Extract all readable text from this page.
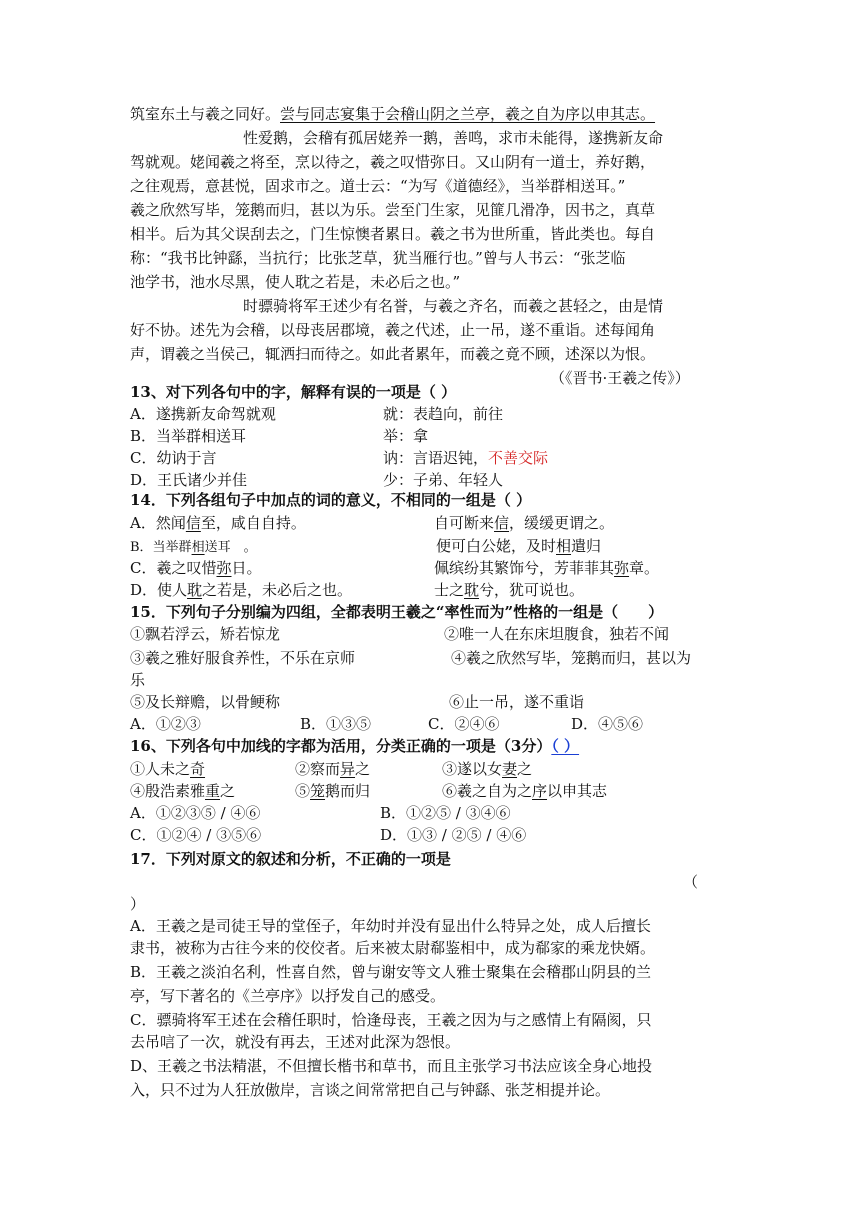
筑室东土与羲之同好。尝与同志宴集于会稽山阴之兰亭，羲之自为序以申其志。
性爱鹅，会稽有孤居姥养一鹅，善鸣，求市未能得，遂携新友命
驾就观。姥闻羲之将至，烹以待之，羲之叹惜弥日。又山阴有一道士，养好鹅，
之往观焉，意甚悦，固求市之。道士云：“为写《道德经》，当举群相送耳。”
羲之欣然写毕，笼鹅而归，甚以为乐。尝至门生家，见篚几滑净，因书之，真草
相半。后为其父误刮去之，门生惊懊者累日。羲之书为世所重，皆此类也。每自
称：“我书比钟繇，当抗行；比张芝草，犹当雁行也。”曾与人书云：“张芝临
池学书，池水尽黑，使人耽之若是，未必后之也。”
时骠骑将军王述少有名誉，与羲之齐名，而羲之甚轻之，由是情
好不协。述先为会稽，以母丧居郡境，羲之代述，止一吊，遂不重诣。述每闻角
声，谓羲之当侯己，辄洒扫而待之。如此者累年，而羲之竟不顾，述深以为恨。
（《晋书·王羲之传》）
13、对下列各句中的字，解释有误的一项是（ ）
A．遂携新友命驾就观	就：表趋向，前往
B．当举群相送耳	举：拿
C．幼讷于言	讷：言语迟钝，不善交际
D．王氏诸少并佳	少：子弟、年轻人
14．下列各组句子中加点的词的意义，不相同的一组是（ ）
A．然闻信至，咸自自持。	自可断来信，缓缓更谓之。
B．当举群相送耳　。	便可白公姥，及时相遣归
C．羲之叹惜弥日。	佩缤纷其繁饰兮，芳菲菲其弥章。
D．使人耽之若是，未必后之也。	士之耽兮，犹可说也。
15．下列句子分别编为四组，全都表明王羲之“率性而为”性格的一组是（　　）
①飘若浮云，矫若惊龙	②唯一人在东床坦腹食，独若不闻
③羲之雅好服食养性，不乐在京师	④羲之欣然写毕，笼鹅而归，甚以为
乐
⑤及长辩赡，以骨鲠称	⑥止一吊，遂不重诣
A．①②③	B．①③⑤	C．②④⑥	D．④⑤⑥
16、下列各句中加线的字都为活用，分类正确的一项是（3分）（ ）
①人未之奇	②察而异之	③遂以女妻之
④殷浩素雅重之	⑤笼鹅而归	⑥羲之自为之序以申其志
A．①②③⑤ / ④⑥	B．①②⑤ / ③④⑥
C．①②④ / ③⑤⑥	D．①③ / ②⑤ / ④⑥
17．下列对原文的叙述和分析，不正确的一项是
（
）
A．王羲之是司徒王导的堂侄子，年幼时并没有显出什么特异之处，成人后擅长
隶书，被称为古往今来的佼佼者。后来被太尉郗鉴相中，成为郗家的乘龙快婿。
B．王羲之淡泊名利，性喜自然，曾与谢安等文人雅士聚集在会稽郡山阴县的兰
亭，写下著名的《兰亭序》以抒发自己的感受。
C．骠骑将军王述在会稽任职时，恰逢母丧，王羲之因为与之感情上有隔阂，只
去吊唁了一次，就没有再去，王述对此深为怨恨。
D、王羲之书法精湛，不但擅长楷书和草书，而且主张学习书法应该全身心地投
入，只不过为人狂放傲岸，言谈之间常常把自己与钟繇、张芝相提并论。
